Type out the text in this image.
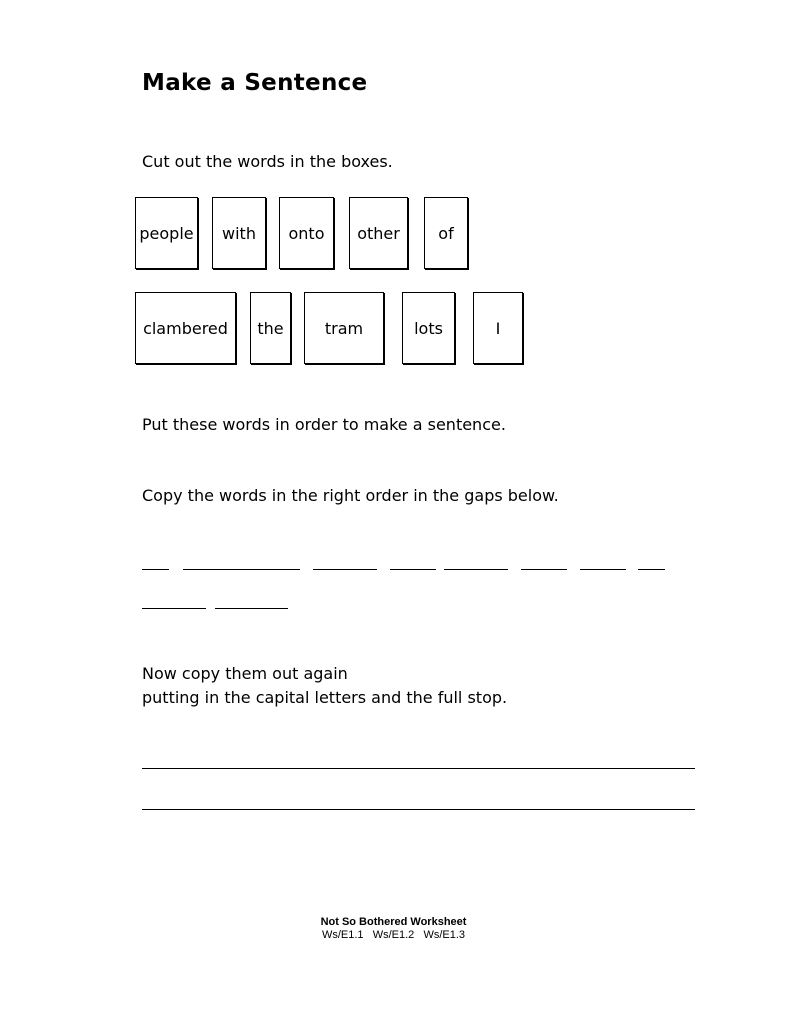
Make a Sentence
Cut out the words in the boxes.
people	with	onto	other	of
clambered	the	tram	lots	I
Put these words in order to make a sentence.
Copy the words in the right order in the gaps below.
Now copy them out again
putting in the capital letters and the full stop.
Not So Bothered Worksheet
Ws/E1.1   Ws/E1.2   Ws/E1.3
